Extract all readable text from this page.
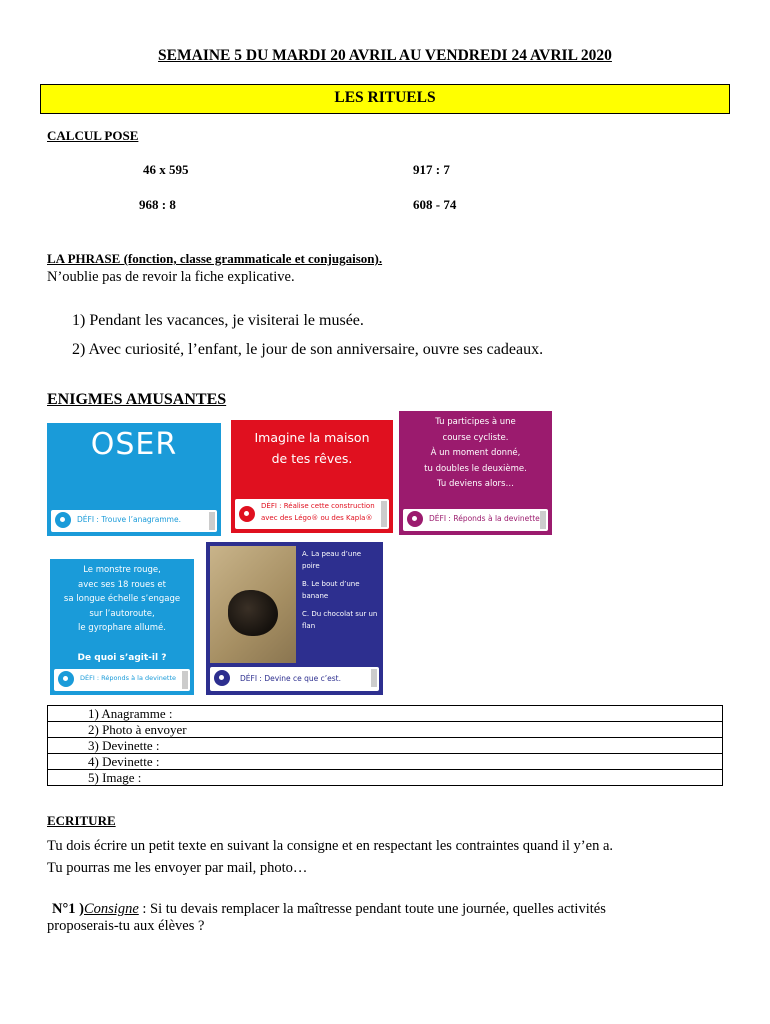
SEMAINE 5 DU MARDI 20 AVRIL AU VENDREDI 24 AVRIL 2020
LES RITUELS
CALCUL POSE
46 x 595	917 : 7
968 : 8	608 - 74
LA PHRASE (fonction, classe grammaticale et conjugaison).
N’oublie pas de revoir la fiche explicative.
1) Pendant les vacances, je visiterai le musée.
2) Avec curiosité, l’enfant, le jour de son anniversaire, ouvre ses cadeaux.
ENIGMES AMUSANTES
OSER
DÉFI : Trouve l’anagramme.
Imagine la maison
de tes rêves.
DÉFI : Réalise cette construction
avec des Légo® ou des Kapla®
Tu participes à une
course cycliste.
À un moment donné,
tu doubles le deuxième.
Tu deviens alors…
DÉFI : Réponds à la devinette
Le monstre rouge,
avec ses 18 roues et
sa longue échelle s’engage
sur l’autoroute,
le gyrophare allumé.
De quoi s’agit-il ?
DÉFI : Réponds à la devinette
A. La peau d’une poire
B. Le bout d’une banane
C. Du chocolat sur un flan
DÉFI : Devine ce que c’est.
1) Anagramme :
2) Photo à envoyer
3) Devinette :
4) Devinette :
5) Image :
ECRITURE
Tu dois écrire un petit texte en suivant la consigne et en respectant les contraintes quand il y’en a.
Tu pourras me les envoyer par mail, photo…
N°1 )Consigne : Si tu devais remplacer la maîtresse pendant toute une journée, quelles activités
proposerais-tu aux élèves ?
